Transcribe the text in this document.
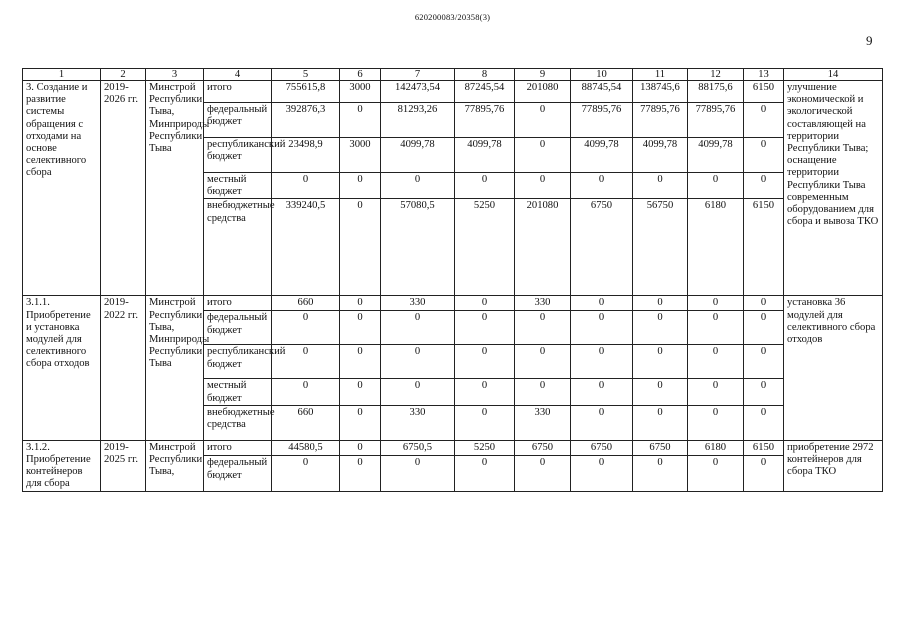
620200083/20358(3)
9
1	2	3	4	5	6	7	8	9	10	11	12	13	14
3. Создание и развитие системы обращения с отходами на основе селективного сбора	2019-2026 гг.	Минстрой Республики Тыва, Минприроды Республики Тыва	итого	755615,8	3000	142473,54	87245,54	201080	88745,54	138745,6	88175,6	6150	улучшение экономической и экологической составляющей на территории Республики Тыва; оснащение территории Республики Тыва современным оборудованием для сбора и вывоза ТКО
			федеральный бюджет	392876,3	0	81293,26	77895,76	0	77895,76	77895,76	77895,76	0	
			республиканский бюджет	23498,9	3000	4099,78	4099,78	0	4099,78	4099,78	4099,78	0	
			местный бюджет	0	0	0	0	0	0	0	0	0	
			внебюджетные средства	339240,5	0	57080,5	5250	201080	6750	56750	6180	6150	
3.1.1. Приобретение и установка модулей для селективного сбора отходов	2019-2022 гг.	Минстрой Республики Тыва, Минприроды Республики Тыва	итого	660	0	330	0	330	0	0	0	0	установка 36 модулей для селективного сбора отходов
			федеральный бюджет	0	0	0	0	0	0	0	0	0	
			республиканский бюджет	0	0	0	0	0	0	0	0	0	
			местный бюджет	0	0	0	0	0	0	0	0	0	
			внебюджетные средства	660	0	330	0	330	0	0	0	0	
3.1.2. Приобретение контейнеров для сбора	2019-2025 гг.	Минстрой Республики Тыва,	итого	44580,5	0	6750,5	5250	6750	6750	6750	6180	6150	приобретение 2972 контейнеров для сбора ТКО
			федеральный бюджет	0	0	0	0	0	0	0	0	0	
